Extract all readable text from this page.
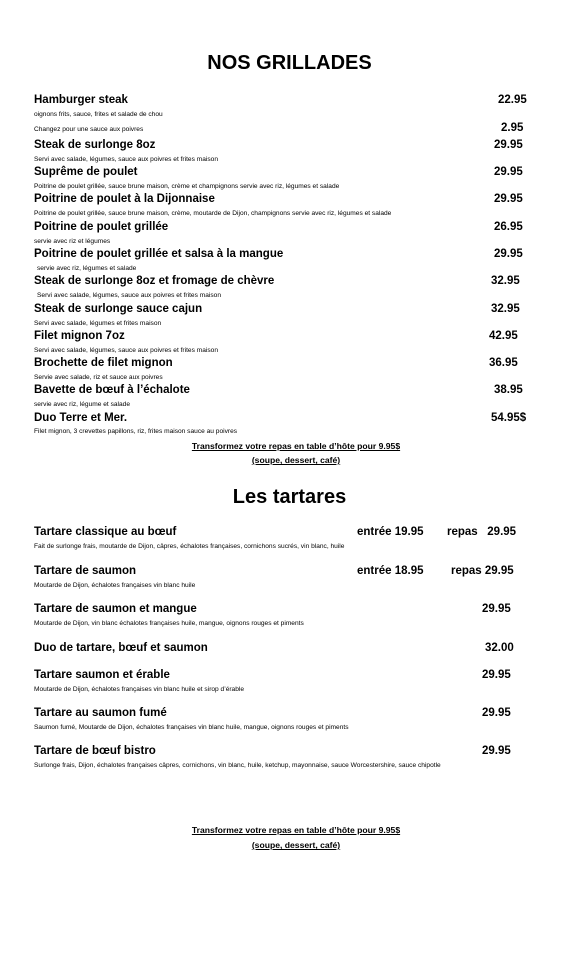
NOS GRILLADES
Hamburger steak	22.95
oignons frits, sauce, frites et salade de chou
Changez pour une sauce aux poivres	2.95
Steak de surlonge 8oz	29.95
Servi avec salade, légumes, sauce aux poivres et frites maison
Suprême de poulet	29.95
Poitrine de poulet grillée, sauce brune maison, crème et champignons servie avec riz, légumes et salade
Poitrine de poulet à la Dijonnaise	29.95
Poitrine de poulet grillée, sauce brune maison, crème, moutarde de Dijon, champignons servie avec riz, légumes et salade
Poitrine de poulet grillée	26.95
servie avec riz et légumes
Poitrine de poulet grillée et salsa à la mangue	29.95
servie avec riz, légumes et salade
Steak de surlonge 8oz et fromage de chèvre	32.95
Servi avec salade, légumes, sauce aux poivres et frites maison
Steak de surlonge sauce cajun	32.95
Servi avec salade, légumes et frites maison
Filet mignon 7oz	42.95
Servi avec salade, légumes, sauce aux poivres et frites maison
Brochette de filet mignon	36.95
Servie avec salade, riz et sauce aux poivres
Bavette de bœuf à l’échalote	38.95
servie avec riz, légume et salade
Duo Terre et Mer.	54.95$
Filet mignon, 3 crevettes papillons, riz, frites maison sauce au poivres
Transformez votre repas en table d’hôte pour 9.95$
(soupe, dessert, café)
Les tartares
Tartare classique au bœuf	entrée 19.95 repas   29.95
Fait de surlonge frais, moutarde de Dijon, câpres, échalotes françaises, cornichons sucrés, vin blanc, huile
Tartare de saumon	entrée 18.95 repas 29.95
Moutarde de Dijon, échalotes françaises vin blanc huile
Tartare de saumon et mangue	29.95
Moutarde de Dijon, vin blanc échalotes françaises huile, mangue, oignons rouges et piments
Duo de tartare, bœuf et saumon	32.00
Tartare saumon et érable	29.95
Moutarde de Dijon, échalotes françaises vin blanc huile et sirop d’érable
Tartare au saumon fumé	29.95
Saumon fumé, Moutarde de Dijon, échalotes françaises vin blanc huile, mangue, oignons rouges et piments
Tartare de bœuf bistro	29.95
Surlonge frais, Dijon, échalotes françaises câpres, cornichons, vin blanc, huile, ketchup, mayonnaise, sauce Worcestershire, sauce chipotle
Transformez votre repas en table d’hôte pour 9.95$
(soupe, dessert, café)
